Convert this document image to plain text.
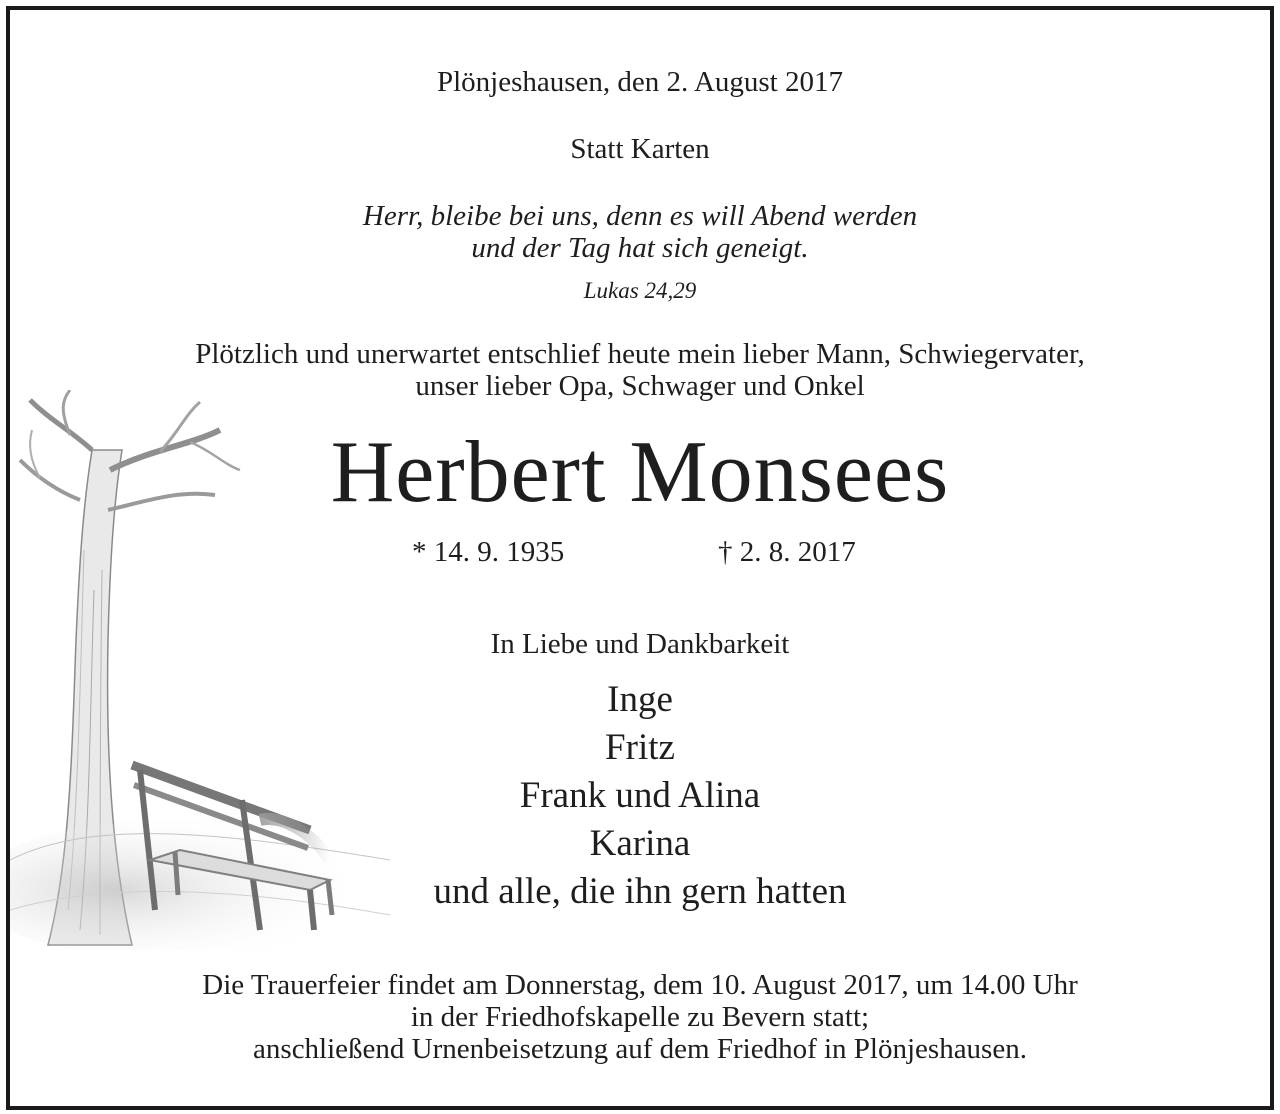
Plönjeshausen, den 2. August 2017
Statt Karten
Herr, bleibe bei uns, denn es will Abend werden
und der Tag hat sich geneigt.
Lukas 24,29
Plötzlich und unerwartet entschlief heute mein lieber Mann, Schwiegervater,
unser lieber Opa, Schwager und Onkel
Herbert Monsees
* 14. 9. 1935	† 2. 8. 2017
In Liebe und Dankbarkeit
Inge
Fritz
Frank und Alina
Karina
und alle, die ihn gern hatten
Die Trauerfeier findet am Donnerstag, dem 10. August 2017, um 14.00 Uhr
in der Friedhofskapelle zu Bevern statt;
anschließend Urnenbeisetzung auf dem Friedhof in Plönjeshausen.
